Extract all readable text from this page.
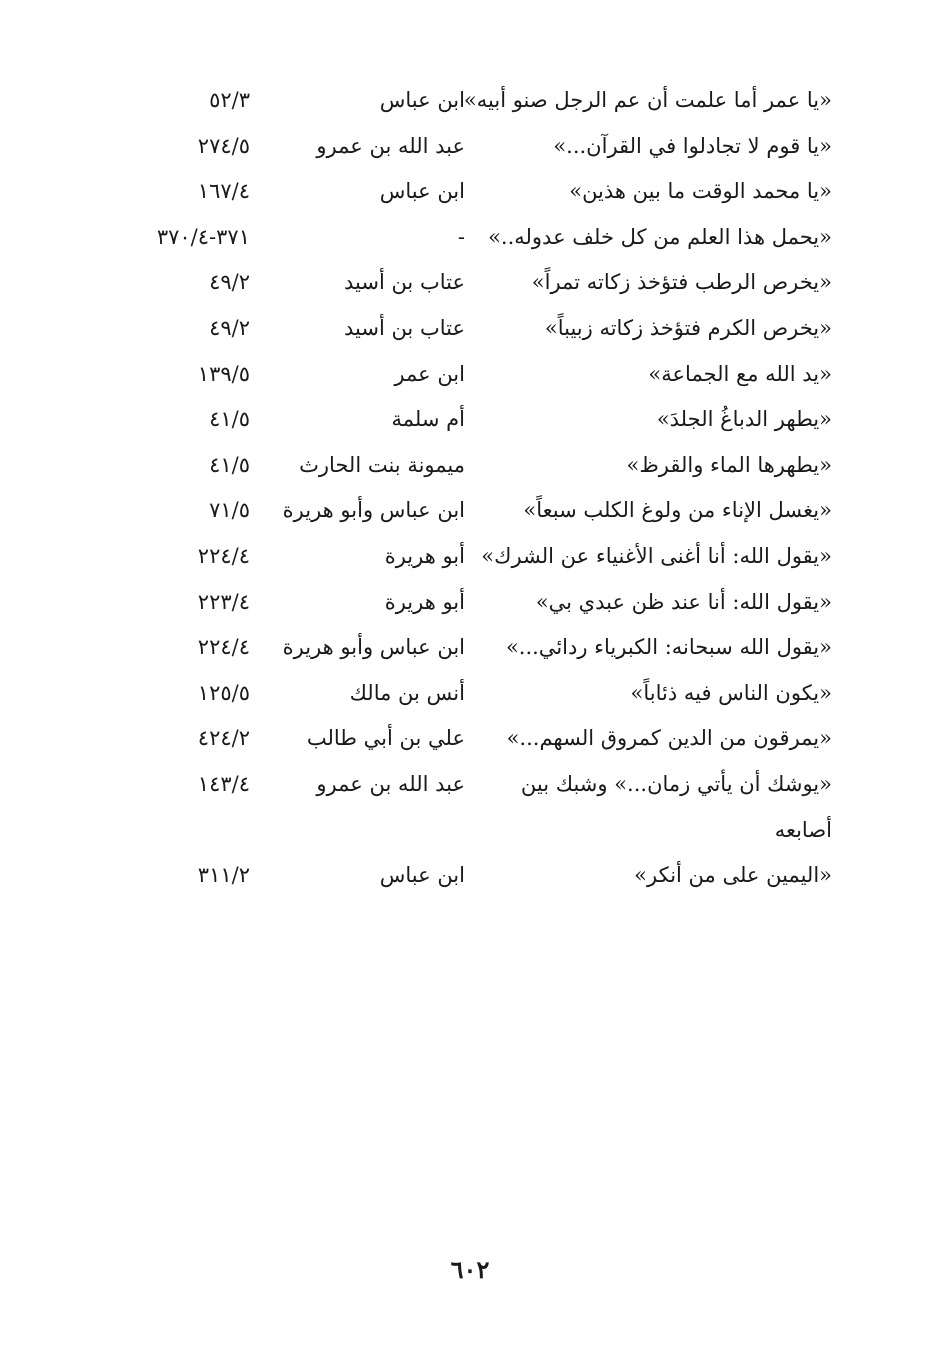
«يا عمر أما علمت أن عم الرجل صنو أبيه»
ابن عباس
٥٢/٣
«يا قوم لا تجادلوا في القرآن...»
عبد الله بن عمرو
٢٧٤/٥
«يا محمد الوقت ما بين هذين»
ابن عباس
١٦٧/٤
«يحمل هذا العلم من كل خلف عدوله..»
-
٣٧١-٣٧٠/٤
«يخرص الرطب فتؤخذ زكاته تمراً»
عتاب بن أسيد
٤٩/٢
«يخرص الكرم فتؤخذ زكاته زبيباً»
عتاب بن أسيد
٤٩/٢
«يد الله مع الجماعة»
ابن عمر
١٣٩/٥
«يطهر الدباغُ الجلدَ»
أم سلمة
٤١/٥
«يطهرها الماء والقرظ»
ميمونة بنت الحارث
٤١/٥
«يغسل الإناء من ولوغ الكلب سبعاً»
ابن عباس وأبو هريرة
٧١/٥
«يقول الله: أنا أغنى الأغنياء عن الشرك»
أبو هريرة
٢٢٤/٤
«يقول الله: أنا عند ظن عبدي بي»
أبو هريرة
٢٢٣/٤
«يقول الله سبحانه: الكبرياء ردائي...»
ابن عباس وأبو هريرة
٢٢٤/٤
«يكون الناس فيه ذئاباً»
أنس بن مالك
١٢٥/٥
«يمرقون من الدين كمروق السهم...»
علي بن أبي طالب
٤٢٤/٢
«يوشك أن يأتي زمان...» وشبك بين
عبد الله بن عمرو
١٤٣/٤
أصابعه
«اليمين على من أنكر»
ابن عباس
٣١١/٢
٦٠٢
